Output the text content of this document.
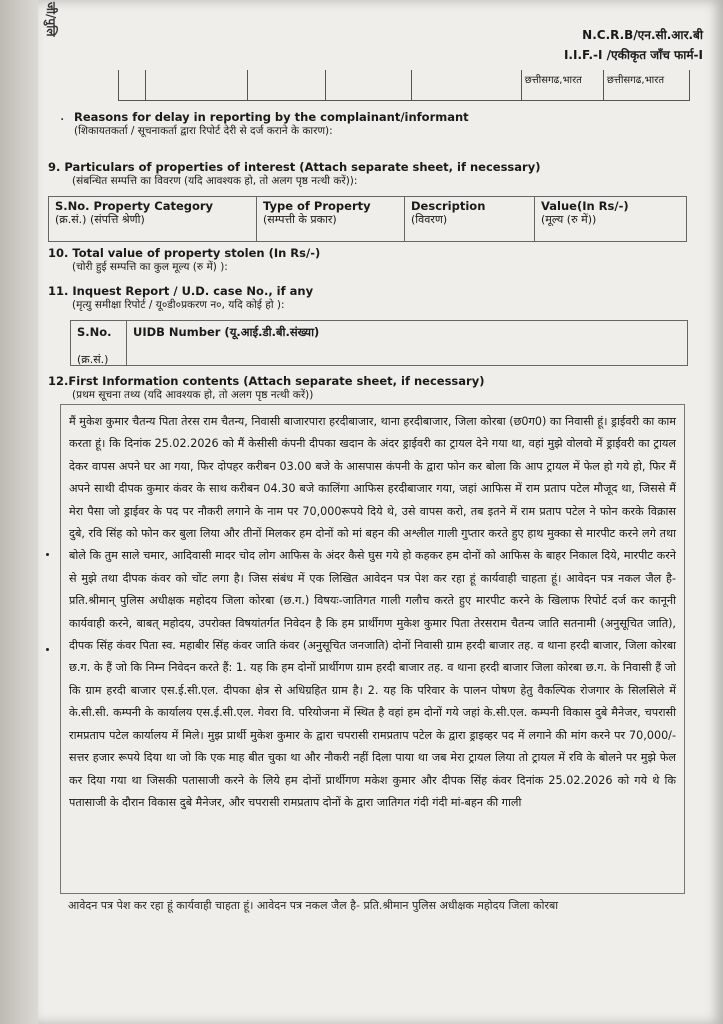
जी/पुलि	N.C.R.B/एन.सी.आर.बी
I.I.F.-I /एकीकृत जाँच फार्म-I
छत्तीसगढ,भारत	छत्तीसगढ,भारत
. Reasons for delay in reporting by the complainant/informant
(शिकायतकर्ता / सूचनाकर्ता द्वारा रिपोर्ट देरी से दर्ज कराने के कारण):
9. Particulars of properties of interest (Attach separate sheet, if necessary)
(संबन्धित सम्पत्ति का विवरण (यदि आवश्यक हो, तो अलग पृष्ठ नत्थी करें)):
S.No. Property Category
(क्र.सं.) (संपत्ति श्रेणी)
Type of Property
(सम्पत्ती के प्रकार)
Description
(विवरण)
Value(In Rs/-)
(मूल्य (रु में))
10. Total value of property stolen (In Rs/-)
(चोरी हुई सम्पत्ति का कुल मूल्य (रु में) ):
11. Inquest Report / U.D. case No., if any
(मृत्यु समीक्षा रिपोर्ट / यू०डी०प्रकरण न०, यदि कोई हो ):
S.No.

(क्र.सं.)
UIDB Number (यू.आई.डी.बी.संख्या)
12.First Information contents (Attach separate sheet, if necessary)
(प्रथम सूचना तथ्य (यदि आवश्यक हो, तो अलग पृष्ठ नत्थी करें))
मैं मुकेश कुमार चैतन्य पिता तेरस राम चैतन्य, निवासी बाजारपारा हरदीबाजार, थाना हरदीबाजार, जिला कोरबा (छ0ग0) का निवासी हूं। ड्राईवरी का काम करता हूं। कि दिनांक 25.02.2026 को मैं केसीसी कंपनी दीपका खदान के अंदर ड्राईवरी का ट्रायल देने गया था, वहां मुझे वोलवो में ड्राईवरी का ट्रायल देकर वापस अपने घर आ गया, फिर दोपहर करीबन 03.00 बजे के आसपास कंपनी के द्वारा फोन कर बोला कि आप ट्रायल में फेल हो गये हो, फिर मैं अपने साथी दीपक कुमार कंवर के साथ करीबन 04.30 बजे कालिंगा आफिस हरदीबाजार गया, जहां आफिस में राम प्रताप पटेल मौजूद था, जिससे मैं मेरा पैसा जो ड्राईवर के पद पर नौकरी लगाने के नाम पर 70,000रूपये दिये थे, उसे वापस करो, तब इतने में राम प्रताप पटेल ने फोन करके विक्रास दुबे, रवि सिंह को फोन कर बुला लिया और तीनों मिलकर हम दोनों को मां बहन की अश्लील गाली गुप्तार करते हुए हाथ मुक्का से मारपीट करने लगे तथा बोले कि तुम साले चमार, आदिवासी मादर चोद लोग आफिस के अंदर कैसे घुस गये हो कहकर हम दोनों को आफिस के बाहर निकाल दिये, मारपीट करने से मुझे तथा दीपक कंवर को चोंट लगा है। जिस संबंध में एक लिखित आवेदन पत्र पेश कर रहा हूं कार्यवाही चाहता हूं। आवेदन पत्र नकल जैल है- प्रति.श्रीमान् पुलिस अधीक्षक महोदय जिला कोरबा (छ.ग.) विषयः-जातिगत गाली गलौच करते हुए मारपीट करने के खिलाफ रिपोर्ट दर्ज कर कानूनी कार्यवाही करने, बाबत् महोदय, उपरोक्त विषयांतर्गत निवेदन है कि हम प्रार्थीगण मुकेश कुमार पिता तेरसराम चैतन्य जाति सतनामी (अनुसूचित जाति), दीपक सिंह कंवर पिता स्व. महाबीर सिंह कंवर जाति कंवर (अनुसूचित जनजाति) दोनों निवासी ग्राम हरदी बाजार तह. व थाना हरदी बाजार, जिला कोरबा छ.ग. के हैं जो कि निम्न निवेदन करते हैं: 1. यह कि हम दोनों प्रार्थीगण ग्राम हरदी बाजार तह. व थाना हरदी बाजार जिला कोरबा छ.ग. के निवासी हैं जो कि ग्राम हरदी बाजार एस.ई.सी.एल. दीपका क्षेत्र से अधिग्रहित ग्राम है। 2. यह कि परिवार के पालन पोषण हेतु वैकल्पिक रोजगार के सिलसिले में के.सी.सी. कम्पनी के कार्यालय एस.ई.सी.एल. गेवरा वि. परियोजना में स्थित है वहां हम दोनों गये जहां के.सी.एल. कम्पनी विकास दुबे मैनेजर, चपरासी रामप्रताप पटेल कार्यालय में मिले। मुझ प्रार्थी मुकेश कुमार के द्वारा चपरासी रामप्रताप पटेल के द्वारा ड्राइव्हर पद में लगाने की मांग करने पर 70,000/- सत्तर हजार रूपये दिया था जो कि एक माह बीत चुका था और नौकरी नहीं दिला पाया था जब मेरा ट्रायल लिया तो ट्रायल में रवि के बोलने पर मुझे फेल कर दिया गया था जिसकी पतासाजी करने के लिये हम दोनों प्रार्थीगण मकेश कुमार और दीपक सिंह कंवर दिनांक 25.02.2026 को गये थे कि पतासाजी के दौरान विकास दुबे मैनेजर, और चपरासी रामप्रताप दोनों के द्वारा जातिगत गंदी गंदी मां-बहन की गाली
आवेदन पत्र पेश कर रहा हूं कार्यवाही चाहता हूं। आवेदन पत्र नकल जैल है- प्रति.श्रीमान पुलिस अधीक्षक महोदय जिला कोरबा
